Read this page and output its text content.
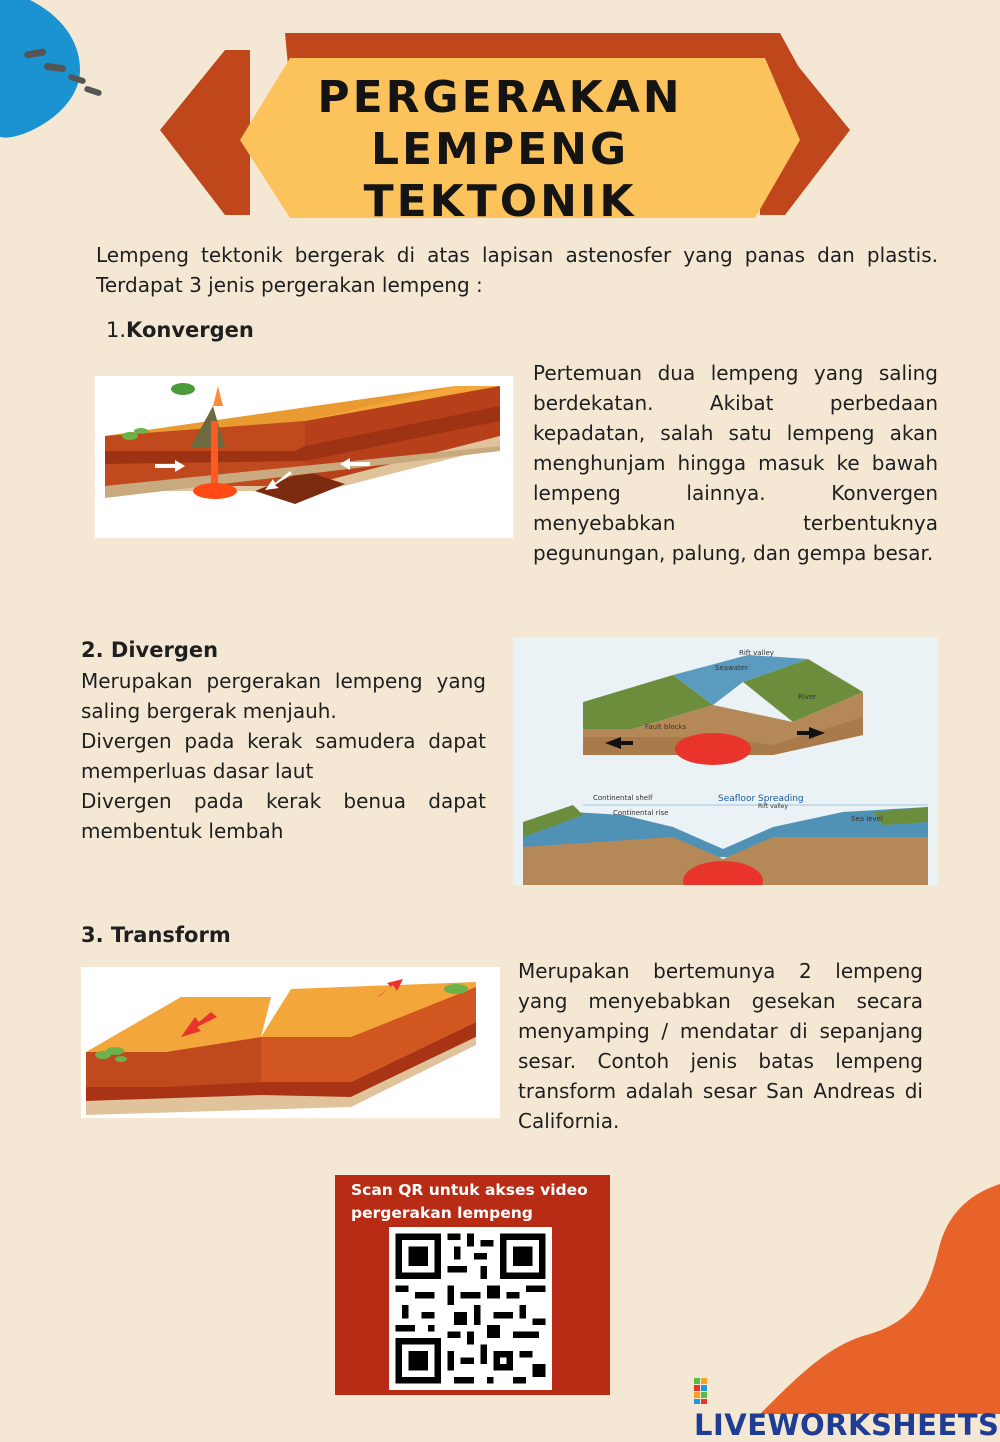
PERGERAKAN
LEMPENG TEKTONIK
Lempeng tektonik bergerak di atas lapisan astenosfer yang panas dan plastis. Terdapat 3 jenis pergerakan lempeng :
1.Konvergen
Pertemuan dua lempeng yang saling berdekatan. Akibat perbedaan kepadatan, salah satu lempeng akan menghunjam hingga masuk ke bawah lempeng lainnya. Konvergen menyebabkan terbentuknya pegunungan, palung, dan gempa besar.
2. Divergen
Merupakan pergerakan lempeng yang saling bergerak menjauh.
Divergen pada kerak samudera dapat memperluas dasar laut
Divergen pada kerak benua dapat membentuk lembah
Rift valley
Seawater
River
Fault blocks
Continental shelf
Continental rise
Seafloor Spreading
Rift valley
Sea level
3. Transform
Merupakan bertemunya 2 lempeng yang menyebabkan gesekan secara menyamping / mendatar di sepanjang sesar. Contoh jenis batas lempeng transform adalah sesar San Andreas di California.
Scan QR untuk akses video pergerakan lempeng
LIVEWORKSHEETS
